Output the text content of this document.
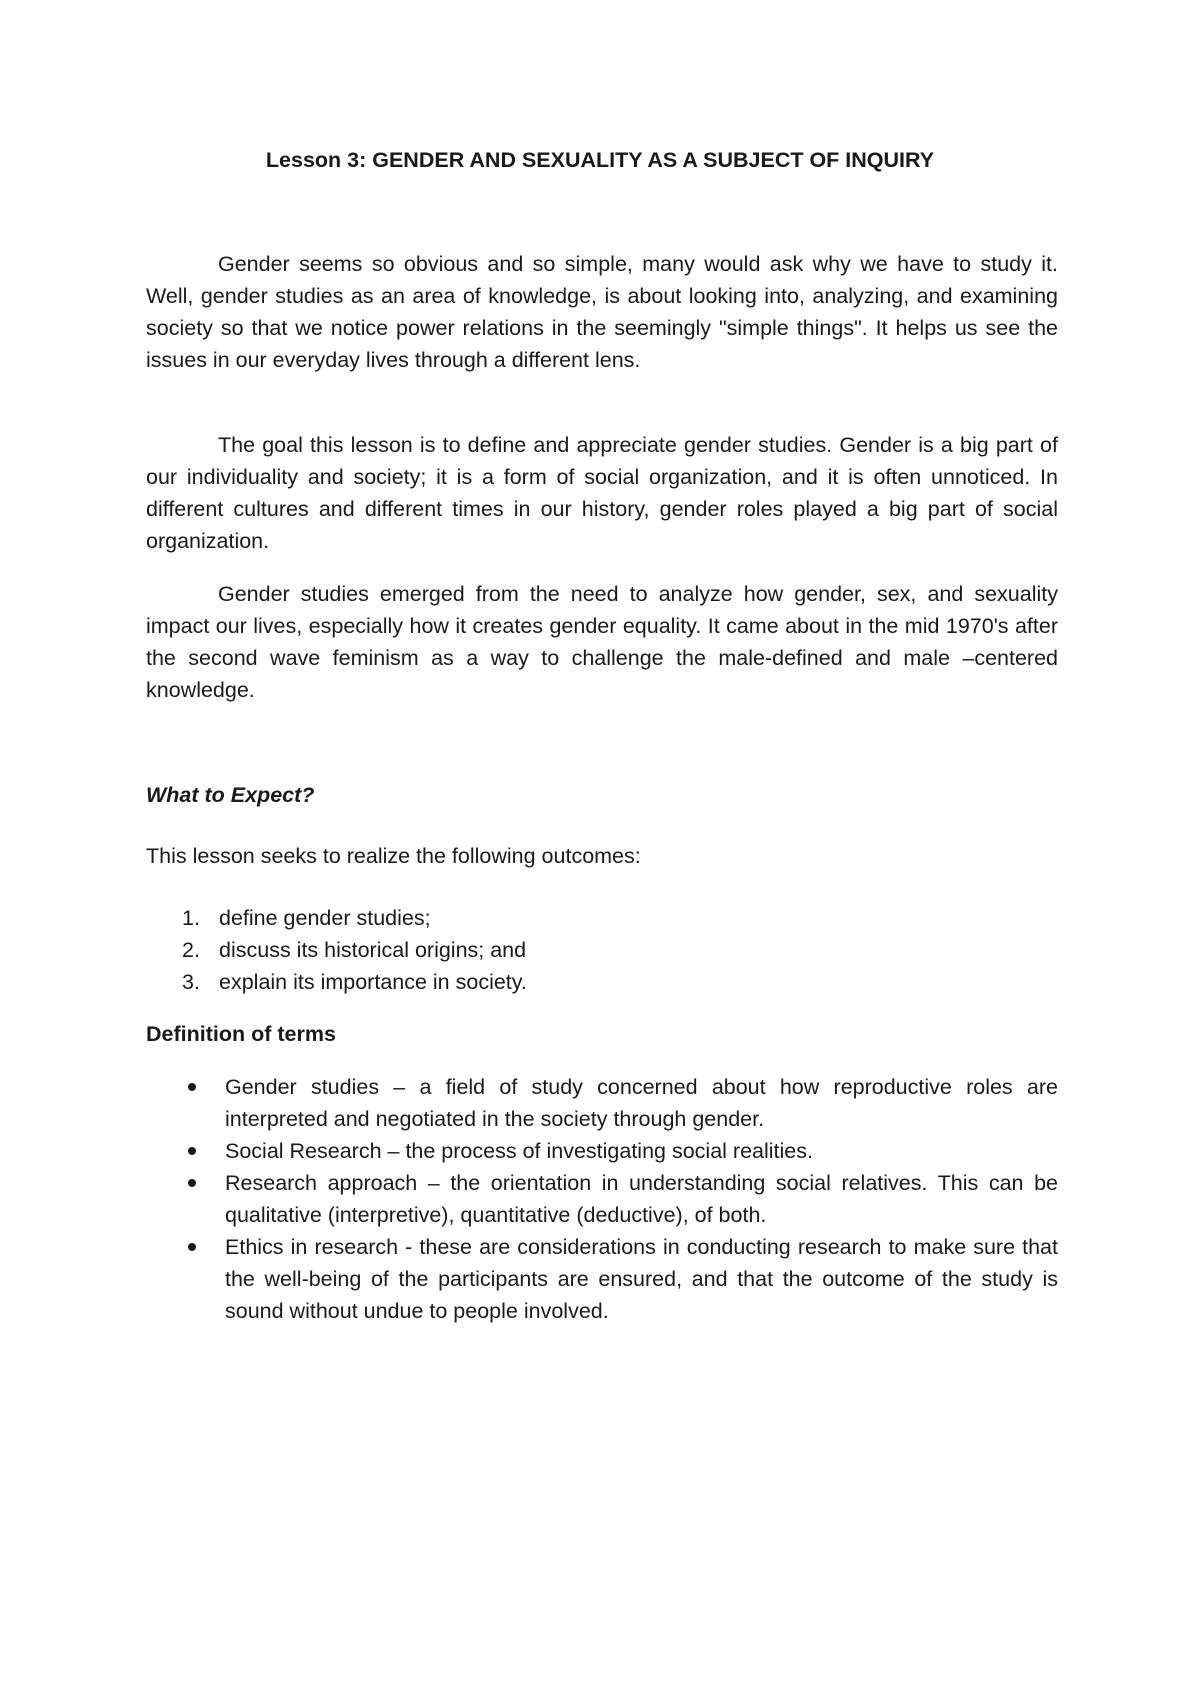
Lesson 3: GENDER AND SEXUALITY AS A SUBJECT OF INQUIRY

Gender seems so obvious and so simple, many would ask why we have to study it. Well, gender studies as an area of knowledge, is about looking into, analyzing, and examining society so that we notice power relations in the seemingly "simple things". It helps us see the issues in our everyday lives through a different lens.

The goal this lesson is to define and appreciate gender studies. Gender is a big part of our individuality and society; it is a form of social organization, and it is often unnoticed. In different cultures and different times in our history, gender roles played a big part of social organization.

Gender studies emerged from the need to analyze how gender, sex, and sexuality impact our lives, especially how it creates gender equality. It came about in the mid 1970's after the second wave feminism as a way to challenge the male-defined and male –centered knowledge.

What to Expect?
This lesson seeks to realize the following outcomes:
1. define gender studies;
2. discuss its historical origins; and
3. explain its importance in society.
Definition of terms
Gender studies – a field of study concerned about how reproductive roles are interpreted and negotiated in the society through gender.
Social Research – the process of investigating social realities.
Research approach – the orientation in understanding social relatives. This can be qualitative (interpretive), quantitative (deductive), of both.
Ethics in research - these are considerations in conducting research to make sure that the well-being of the participants are ensured, and that the outcome of the study is sound without undue to people involved.
